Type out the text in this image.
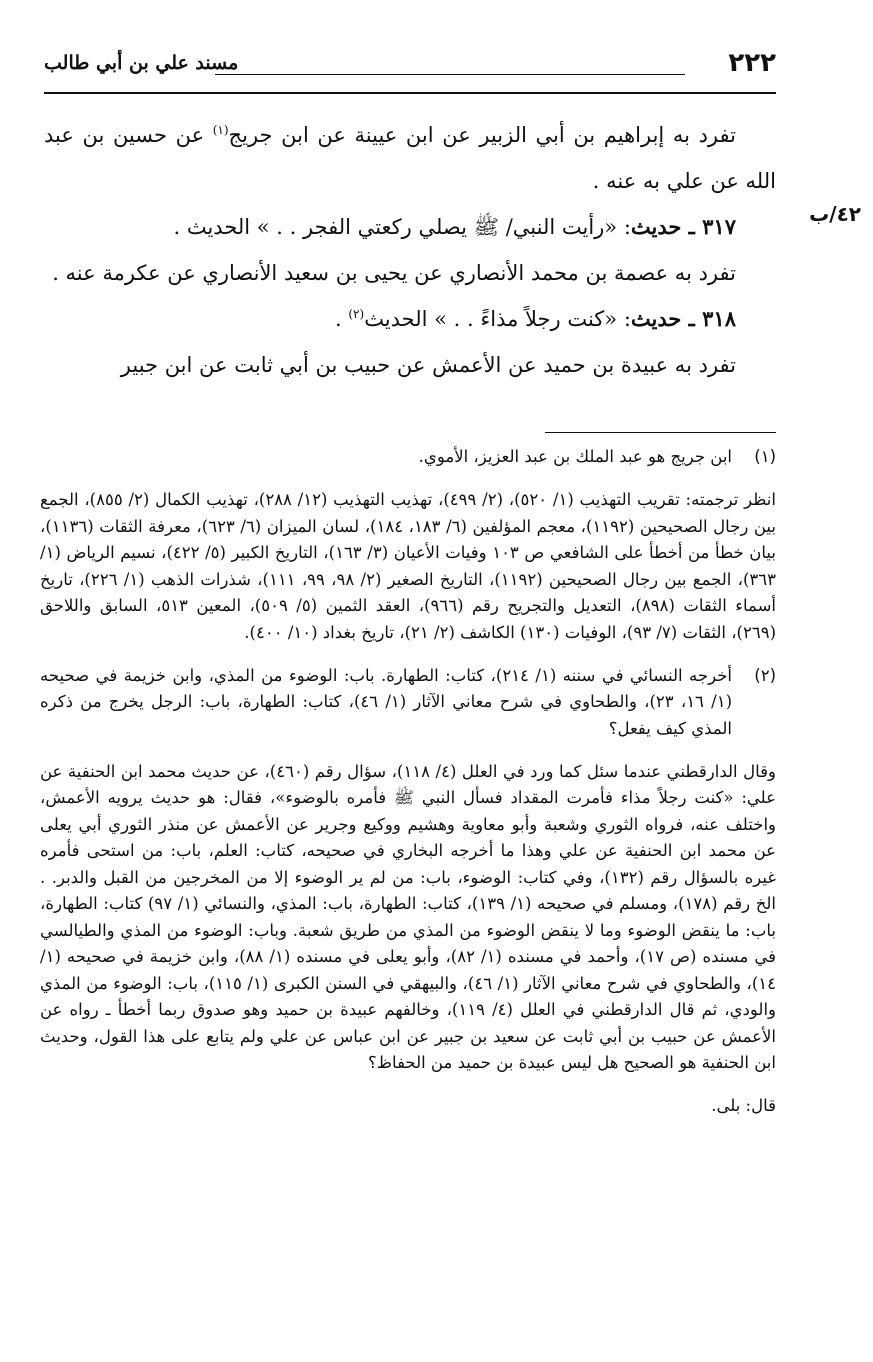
٢٢٢
مسند علي بن أبي طالب
٤٢/ب

تفرد به إبراهيم بن أبي الزبير عن ابن عيينة عن ابن جريج$^{(١)}$ عن حسين بن عبد الله عن علي به عنه .

٣١٧ ـ حديث: «رأيت النبي/ ﷺ يصلي ركعتي الفجر . . » الحديث .

تفرد به عصمة بن محمد الأنصاري عن يحيى بن سعيد الأنصاري عن عكرمة عنه .

٣١٨ ـ حديث: «كنت رجلاً مذاءً . . » الحديث$^{(٢)}$ .

تفرد به عبيدة بن حميد عن الأعمش عن حبيب بن أبي ثابت عن ابن جبير

(١)

ابن جريج هو عبد الملك بن عبد العزيز، الأموي.

انظر ترجمته: تقريب التهذيب (١/ ٥٢٠)، (٢/ ٤٩٩)، تهذيب التهذيب (١٢/ ٢٨٨)، تهذيب الكمال (٢/ ٨٥٥)، الجمع بين رجال الصحيحين (١١٩٢)، معجم المؤلفين (٦/ ١٨٣، ١٨٤)، لسان الميزان (٦/ ٦٢٣)، معرفة الثقات (١١٣٦)، بيان خطأ من أخطأ على الشافعي ص ١٠٣ وفيات الأعيان (٣/ ١٦٣)، التاريخ الكبير (٥/ ٤٢٢)، نسيم الرياض (١/ ٣٦٣)، الجمع بين رجال الصحيحين (١١٩٢)، التاريخ الصغير (٢/ ٩٨، ٩٩، ١١١)، شذرات الذهب (١/ ٢٢٦)، تاريخ أسماء الثقات (٨٩٨)، التعديل والتجريح رقم (٩٦٦)، العقد الثمين (٥/ ٥٠٩)، المعين ٥١٣، السابق واللاحق (٢٦٩)، الثقات (٧/ ٩٣)، الوفيات (١٣٠) الكاشف (٢/ ٢١)، تاريخ بغداد (١٠/ ٤٠٠).

(٢)

أخرجه النسائي في سننه (١/ ٢١٤)، كتاب: الطهارة. باب: الوضوء من المذي، وابن خزيمة في صحيحه (١/ ١٦، ٢٣)، والطحاوي في شرح معاني الآثار (١/ ٤٦)، كتاب: الطهارة، باب: الرجل يخرج من ذكره المذي كيف يفعل؟

وقال الدارقطني عندما سئل كما ورد في العلل (٤/ ١١٨)، سؤال رقم (٤٦٠)، عن حديث محمد ابن الحنفية عن علي: «كنت رجلاً مذاء فأمرت المقداد فسأل النبي ﷺ فأمره بالوضوء»، فقال: هو حديث يرويه الأعمش، واختلف عنه، فرواه الثوري وشعبة وأبو معاوية وهشيم ووكيع وجرير عن الأعمش عن منذر الثوري أبي يعلى عن محمد ابن الحنفية عن علي وهذا ما أخرجه البخاري في صحيحه، كتاب: العلم، باب: من استحى فأمره غيره بالسؤال رقم (١٣٢)، وفي كتاب: الوضوء، باب: من لم ير الوضوء إلا من المخرجين من القبل والدبر. . الخ رقم (١٧٨)، ومسلم في صحيحه (١/ ١٣٩)، كتاب: الطهارة، باب: المذي، والنسائي (١/ ٩٧) كتاب: الطهارة، باب: ما ينقض الوضوء وما لا ينقض الوضوء من المذي من طريق شعبة. وباب: الوضوء من المذي والطيالسي في مسنده (ص ١٧)، وأحمد في مسنده (١/ ٨٢)، وأبو يعلى في مسنده (١/ ٨٨)، وابن خزيمة في صحيحه (١/ ١٤)، والطحاوي في شرح معاني الآثار (١/ ٤٦)، والبيهقي في السنن الكبرى (١/ ١١٥)، باب: الوضوء من المذي والودي، ثم قال الدارقطني في العلل (٤/ ١١٩)، وخالفهم عبيدة بن حميد وهو صدوق ربما أخطأ ـ رواه عن الأعمش عن حبيب بن أبي ثابت عن سعيد بن جبير عن ابن عباس عن علي ولم يتابع على هذا القول، وحديث ابن الحنفية هو الصحيح هل ليس عبيدة بن حميد من الحفاظ؟

قال: بلى.
